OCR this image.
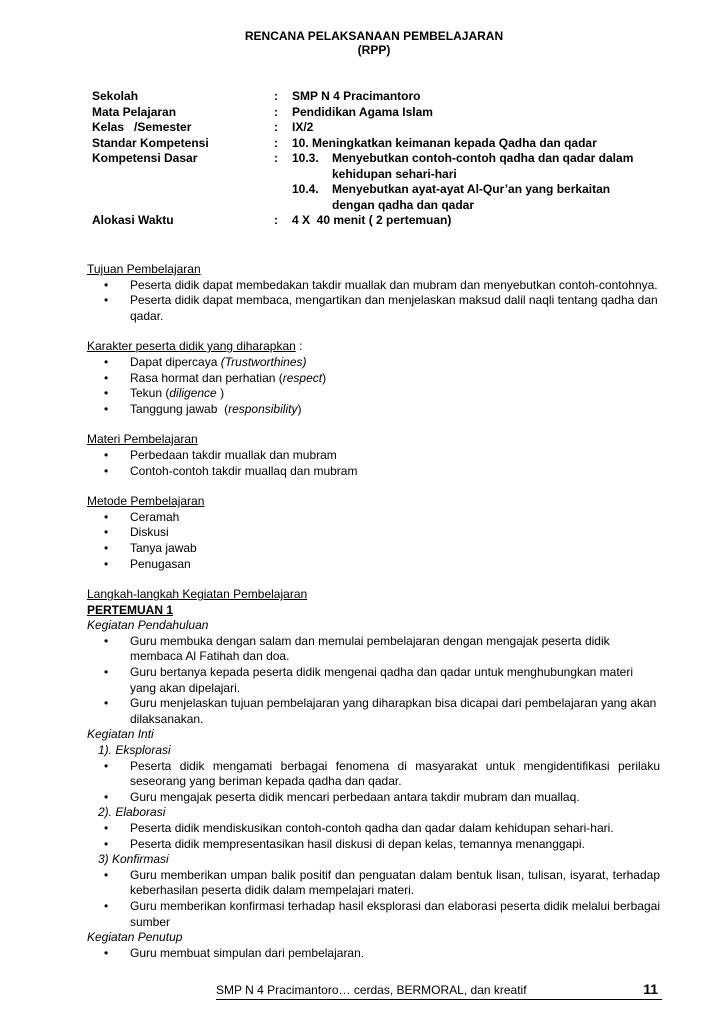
RENCANA PELAKSANAAN PEMBELAJARAN
(RPP)
Sekolah	:	SMP N 4 Pracimantoro
Mata Pelajaran	:	Pendidikan Agama Islam
Kelas   /Semester	:	IX/2
Standar Kompetensi	:	10. Meningkatkan keimanan kepada Qadha dan qadar
Kompetensi Dasar	:	10.3. Menyebutkan contoh-contoh qadha dan qadar dalam kehidupan sehari-hari
10.4. Menyebutkan ayat-ayat Al-Qur’an yang berkaitan dengan qadha dan qadar

Alokasi Waktu	:	4 X  40 menit ( 2 pertemuan)
Tujuan Pembelajaran
• Peserta didik dapat membedakan takdir muallak dan mubram dan menyebutkan contoh-contohnya.
• Peserta didik dapat membaca, mengartikan dan menjelaskan maksud dalil naqli tentang qadha dan qadar.
Karakter peserta didik yang diharapkan :
• Dapat dipercaya (Trustworthines)
• Rasa hormat dan perhatian (respect)
• Tekun (diligence )
• Tanggung jawab  (responsibility)
Materi Pembelajaran
• Perbedaan takdir muallak dan mubram
• Contoh-contoh takdir muallaq dan mubram
Metode Pembelajaran
• Ceramah
• Diskusi
• Tanya jawab
• Penugasan
Langkah-langkah Kegiatan Pembelajaran
PERTEMUAN 1
Kegiatan Pendahuluan
• Guru membuka dengan salam dan memulai pembelajaran dengan mengajak peserta didik membaca Al Fatihah dan doa.
• Guru bertanya kepada peserta didik mengenai qadha dan qadar untuk menghubungkan materi yang akan dipelajari.
• Guru menjelaskan tujuan pembelajaran yang diharapkan bisa dicapai dari pembelajaran yang akan dilaksanakan.
Kegiatan Inti
1). Eksplorasi
• Peserta didik mengamati berbagai fenomena di masyarakat untuk mengidentifikasi perilaku seseorang yang beriman kepada qadha dan qadar.
• Guru mengajak peserta didik mencari perbedaan antara takdir mubram dan muallaq.
2). Elaborasi
• Peserta didik mendiskusikan contoh-contoh qadha dan qadar dalam kehidupan sehari-hari.
• Peserta didik mempresentasikan hasil diskusi di depan kelas, temannya menanggapi.
3) Konfirmasi
• Guru memberikan umpan balik positif dan penguatan dalam bentuk lisan, tulisan, isyarat, terhadap keberhasilan peserta didik dalam mempelajari materi.
• Guru memberikan konfirmasi terhadap hasil eksplorasi dan elaborasi peserta didik melalui berbagai sumber
Kegiatan Penutup
• Guru membuat simpulan dari pembelajaran.
SMP N 4 Pracimantoro… cerdas, BERMORAL, dan kreatif	11
